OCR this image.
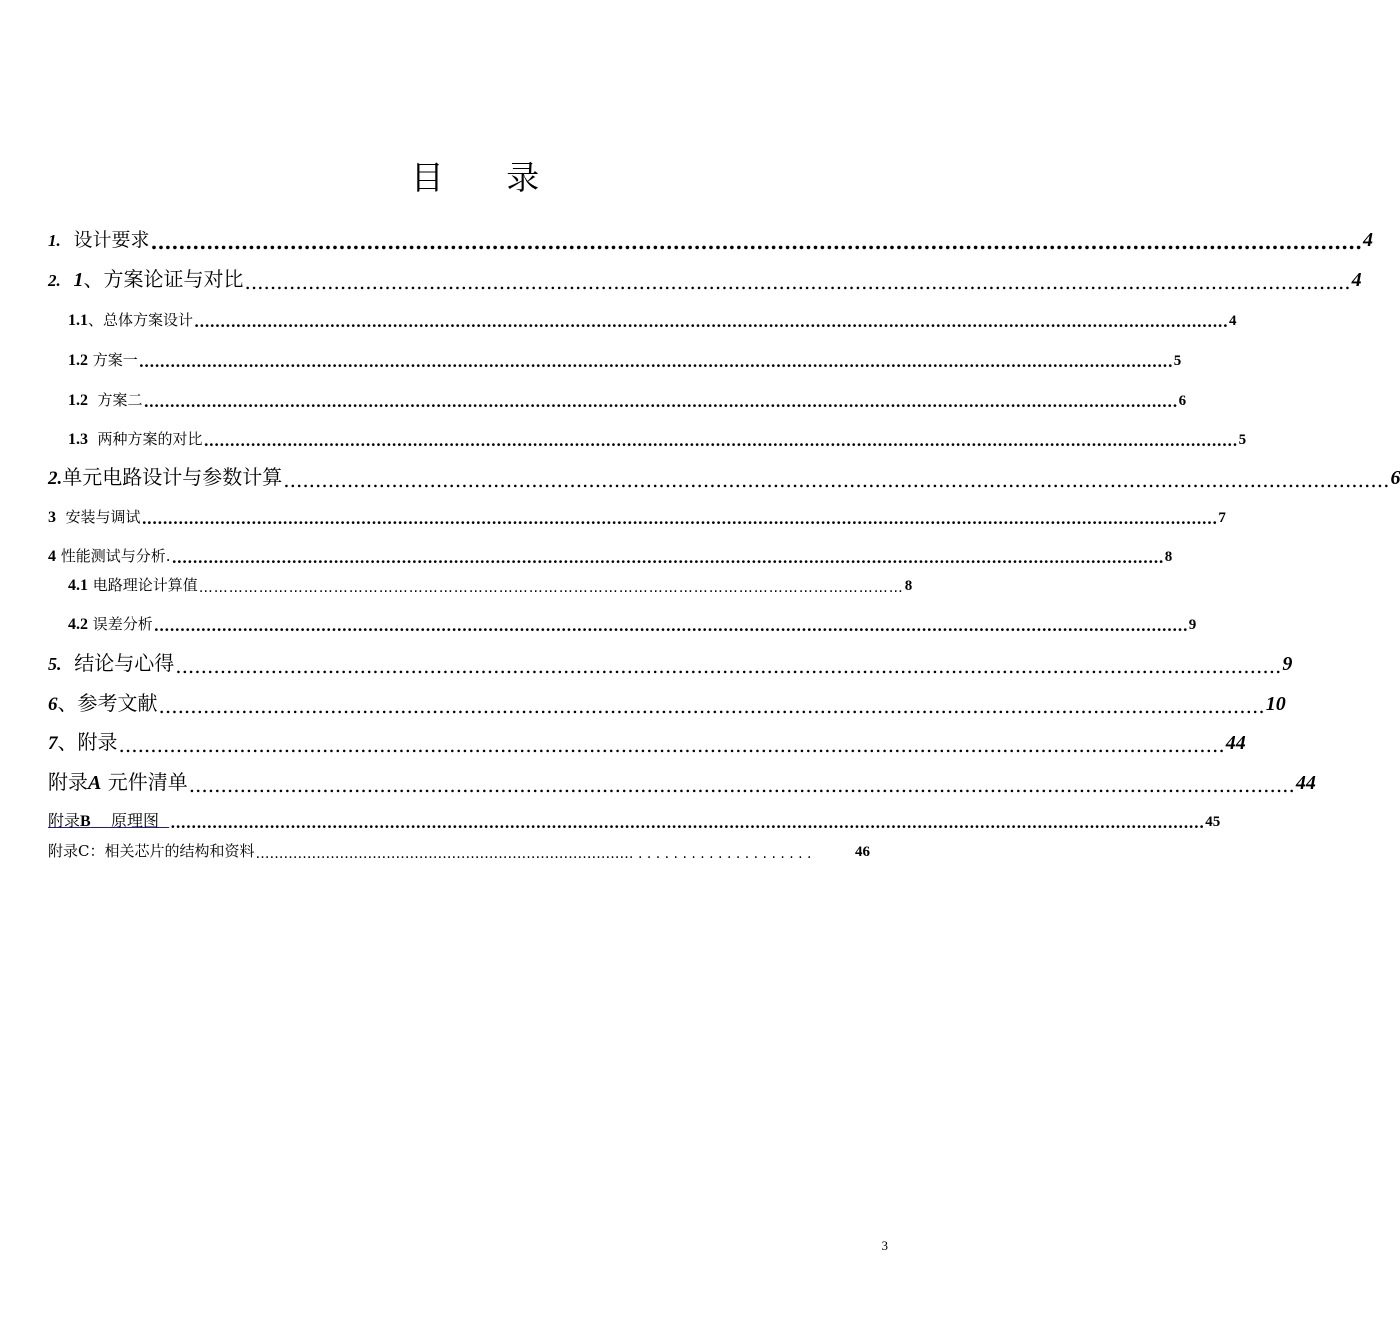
目 录
1. 设计要求 .............................................................................................................................................................................. 4
2. 1、方案论证与对比 .............................................................................................................................................................................. 4
1.1、总体方案设计 ...................................................................................................................................................................................................... 4
1.2 方案一 ...................................................................................................................................................................................................... 5
1.2 方案二 ...................................................................................................................................................................................................... 6
1.3 两种方案的对比 ...................................................................................................................................................................................................... 5
2.单元电路设计与参数计算 .............................................................................................................................................................................. 6
3 安装与调试 .............................................................................................................................................................................................................. 7
4 性能测试与分析. .............................................................................................................................................................................................. 8
4.1 电路理论计算值 …………………………………………………………………………………………………………………………… 8
4.2 误差分析 ...................................................................................................................................................................................................... 9
5. 结论与心得 .............................................................................................................................................................................. 9
6、参考文献 .............................................................................................................................................................................. 10
7、附录 .............................................................................................................................................................................. 44
附录A 元件清单 .............................................................................................................................................................................. 44
附录B    原理图 ...................................................................................................................................................................................................... 45
附录C：相关芯片的结构和资料 ……………………………………………………………………… . . . . . . . . . . . . . . . . . . . .	46
3
